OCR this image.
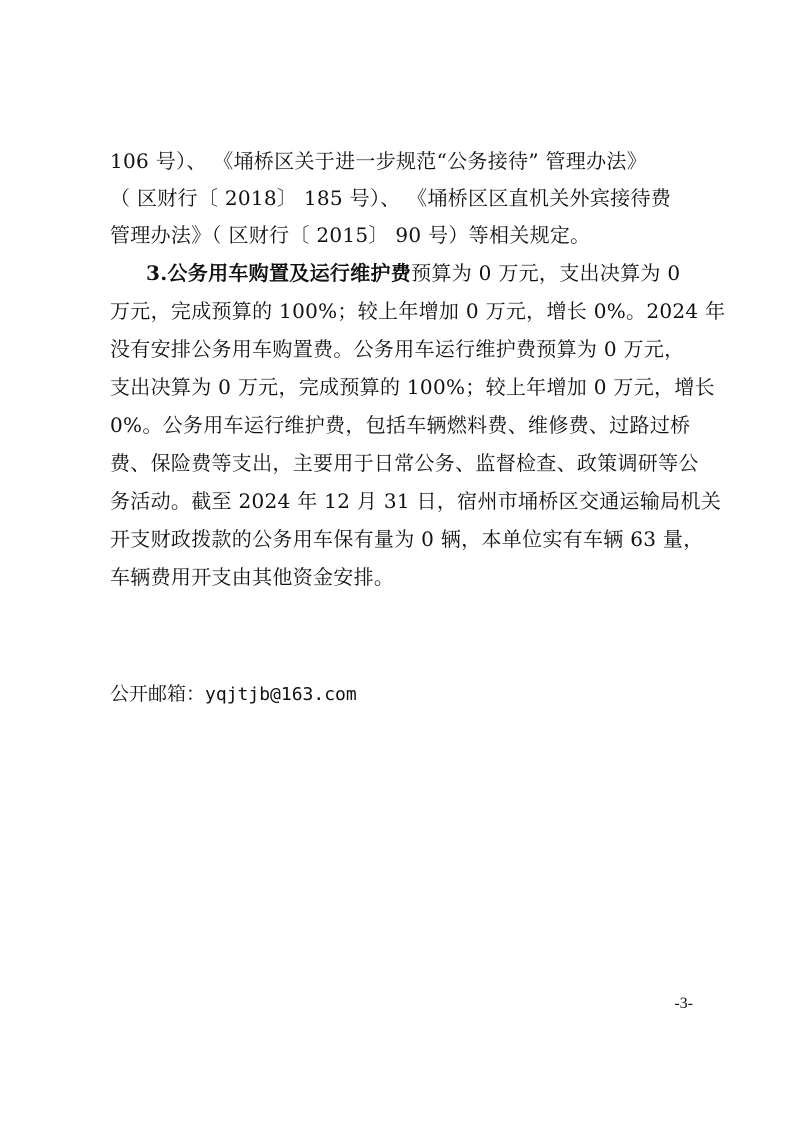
106 号）、 《埇桥区关于进一步规范“公务接待” 管理办法》
（ 区财行〔 2018〕 185 号）、 《埇桥区区直机关外宾接待费
管理办法》（ 区财行〔 2015〕 90 号）等相关规定。
3.公务用车购置及运行维护费预算为 0 万元，支出决算为 0
万元，完成预算的 100%；较上年增加 0 万元，增长 0%。2024 年
没有安排公务用车购置费。公务用车运行维护费预算为 0 万元，
支出决算为 0 万元，完成预算的 100%；较上年增加 0 万元，增长
0%。公务用车运行维护费，包括车辆燃料费、维修费、过路过桥
费、保险费等支出，主要用于日常公务、监督检查、政策调研等公
务活动。截至 2024 年 12 月 31 日，宿州市埇桥区交通运输局机关
开支财政拨款的公务用车保有量为 0 辆，本单位实有车辆 63 量，
车辆费用开支由其他资金安排。
公开邮箱：yqjtjb@163.com
-3-
